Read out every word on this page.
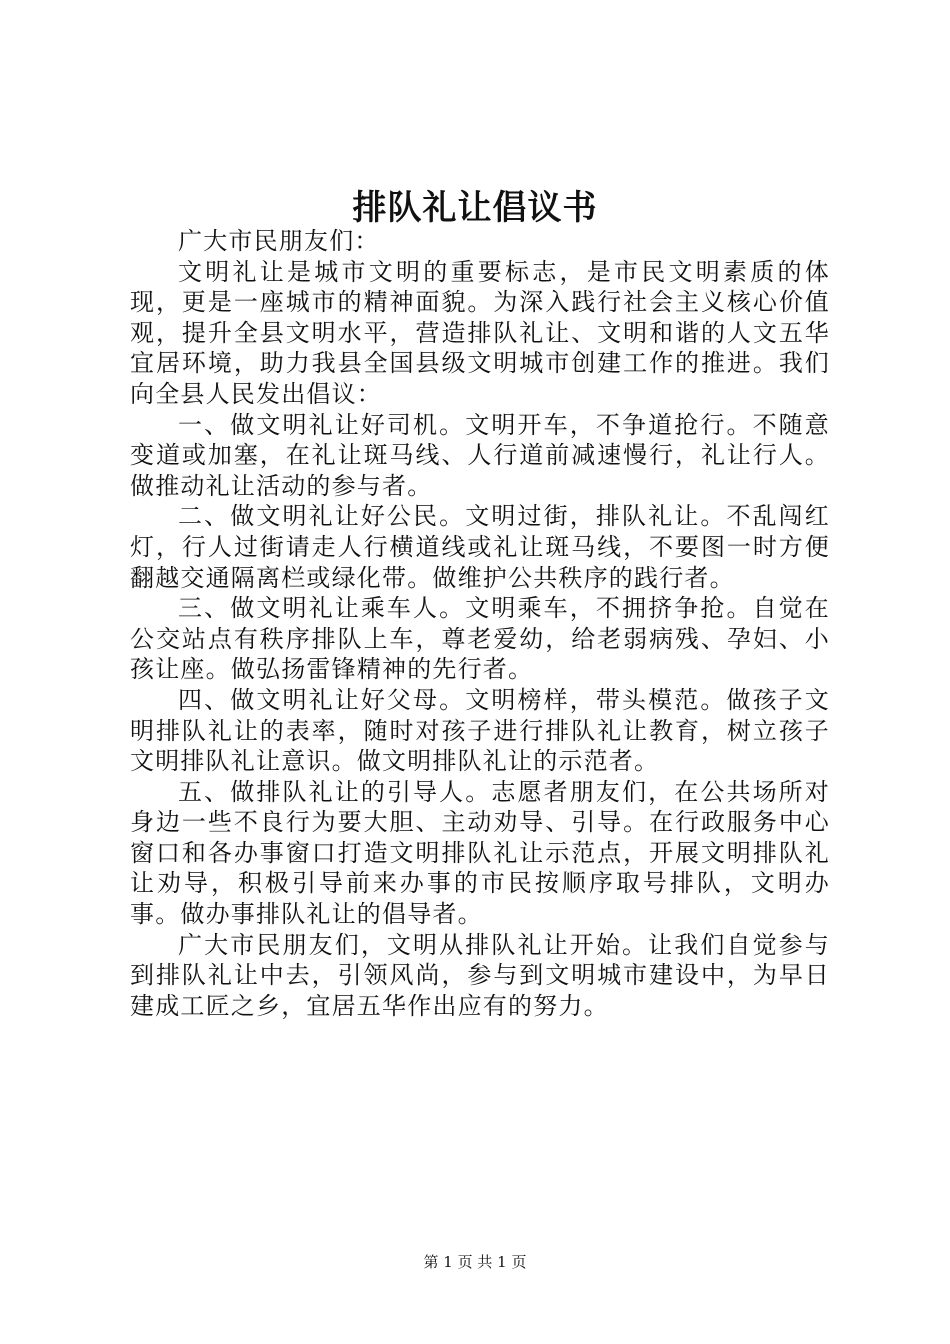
排队礼让倡议书

广大市民朋友们：

文明礼让是城市文明的重要标志，是市民文明素质的体现，更是一座城市的精神面貌。为深入践行社会主义核心价值观，提升全县文明水平，营造排队礼让、文明和谐的人文五华宜居环境，助力我县全国县级文明城市创建工作的推进。我们向全县人民发出倡议：

一、做文明礼让好司机。文明开车，不争道抢行。不随意变道或加塞，在礼让斑马线、人行道前减速慢行，礼让行人。做推动礼让活动的参与者。

二、做文明礼让好公民。文明过街，排队礼让。不乱闯红灯，行人过街请走人行横道线或礼让斑马线，不要图一时方便翻越交通隔离栏或绿化带。做维护公共秩序的践行者。

三、做文明礼让乘车人。文明乘车，不拥挤争抢。自觉在公交站点有秩序排队上车，尊老爱幼，给老弱病残、孕妇、小孩让座。做弘扬雷锋精神的先行者。

四、做文明礼让好父母。文明榜样，带头模范。做孩子文明排队礼让的表率，随时对孩子进行排队礼让教育，树立孩子文明排队礼让意识。做文明排队礼让的示范者。

五、做排队礼让的引导人。志愿者朋友们，在公共场所对身边一些不良行为要大胆、主动劝导、引导。在行政服务中心窗口和各办事窗口打造文明排队礼让示范点，开展文明排队礼让劝导，积极引导前来办事的市民按顺序取号排队，文明办事。做办事排队礼让的倡导者。

广大市民朋友们，文明从排队礼让开始。让我们自觉参与到排队礼让中去，引领风尚，参与到文明城市建设中，为早日建成工匠之乡，宜居五华作出应有的努力。

第 1 页 共 1 页
